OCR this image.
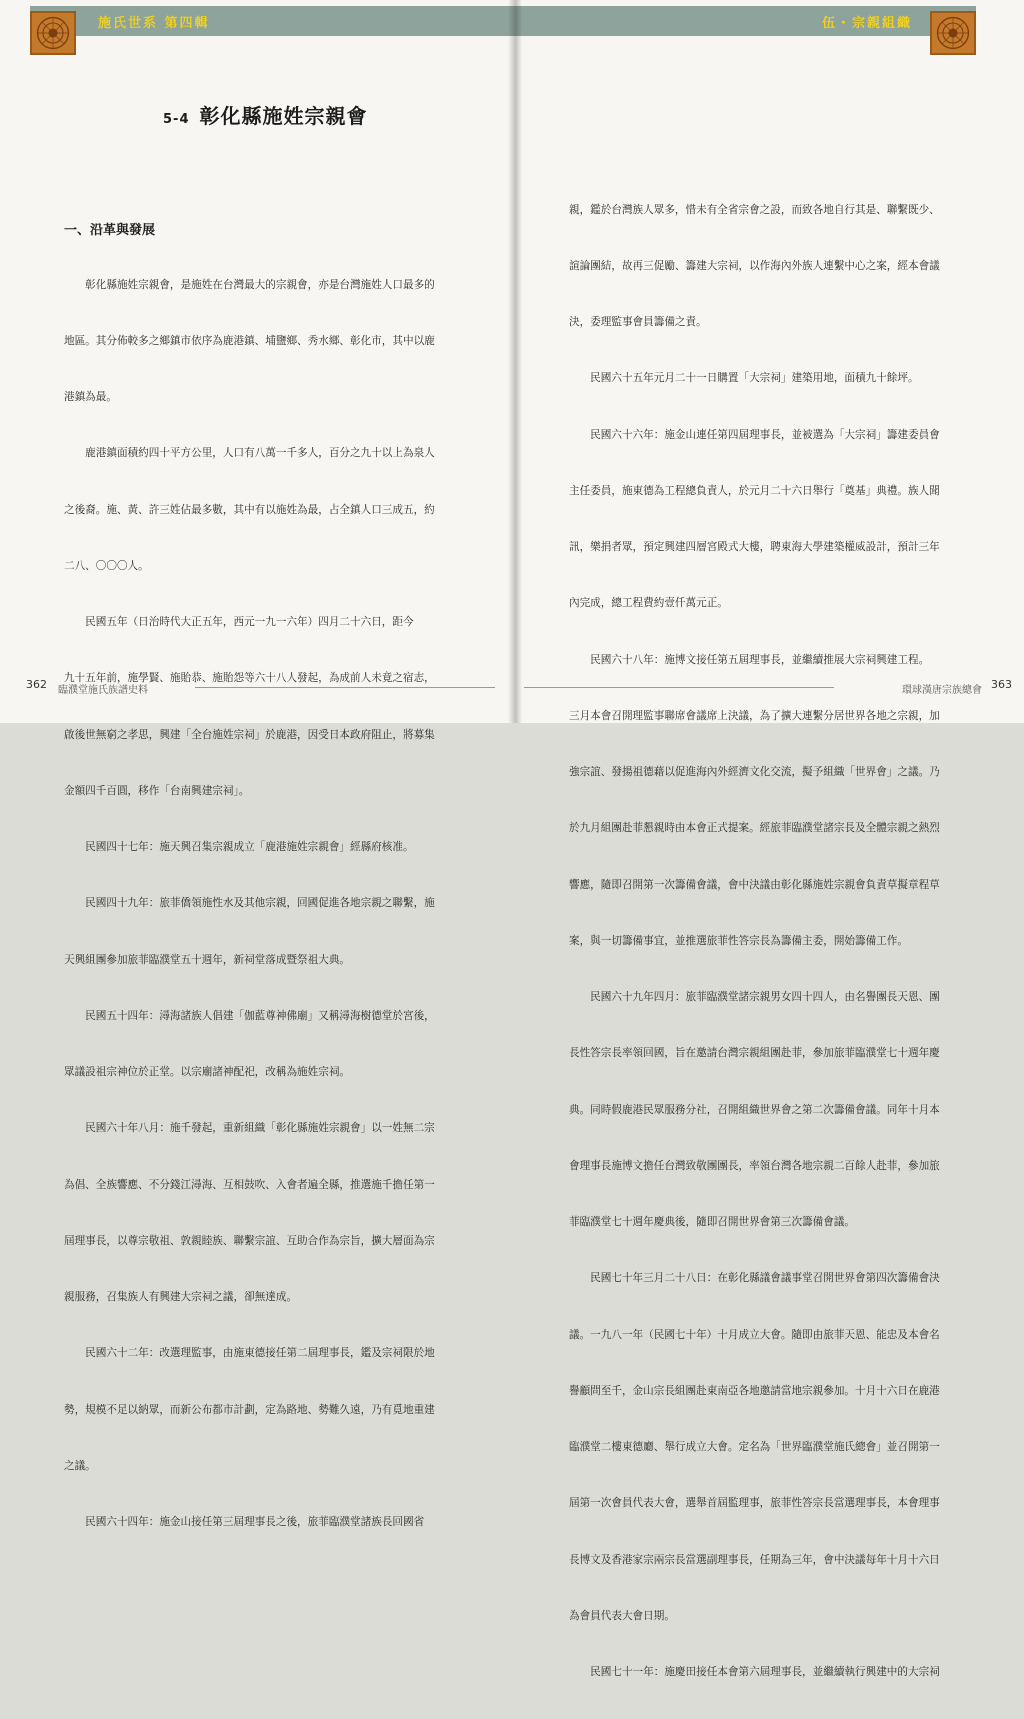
施氏世系 第四輯
5-4 彰化縣施姓宗親會
一、沿革與發展

　　彰化縣施姓宗親會，是施姓在台灣最大的宗親會，亦是台灣施姓人口最多的

地區。其分佈較多之鄉鎮市依序為鹿港鎮、埔鹽鄉、秀水鄉、彰化市，其中以鹿

港鎮為最。

　　鹿港鎮面積約四十平方公里，人口有八萬一千多人，百分之九十以上為泉人

之後裔。施、黃、許三姓佔最多數，其中有以施姓為最，占全鎮人口三成五，約

二八、〇〇〇人。

　　民國五年（日治時代大正五年，西元一九一六年）四月二十六日，距今

九十五年前，施學賢、施貽恭、施貽怨等六十八人發起，為成前人未竟之宿志，

啟後世無窮之孝思，興建「全台施姓宗祠」於鹿港，因受日本政府阻止，將募集

金額四千百圓，移作「台南興建宗祠」。

　　民國四十七年：施天興召集宗親成立「鹿港施姓宗親會」經縣府核准。

　　民國四十九年：旅菲僑領施性水及其他宗親，回國促進各地宗親之聯繫，施

天興組團參加旅菲臨濮堂五十週年，新祠堂落成暨祭祖大典。

　　民國五十四年：潯海諸族人倡建「伽藍尊神佛廟」又稱潯海樹德堂於宮後，

眾議設祖宗神位於正堂。以宗廟諸神配祀，改稱為施姓宗祠。

　　民國六十年八月：施千發起，重新組織「彰化縣施姓宗親會」以一姓無二宗

為倡、全族響應、不分錢江潯海、互相鼓吹、入會者遍全縣，推選施千擔任第一

屆理事長，以尊宗敬祖、敦親睦族、聯繫宗誼、互助合作為宗旨，擴大層面為宗

親服務，召集族人有興建大宗祠之議，卻無達成。

　　民國六十二年：改選理監事，由施東德接任第二屆理事長，鑑及宗祠限於地

勢，規模不足以納眾，而新公布都市計劃，定為路地、勢難久遠，乃有覓地重建

之議。

　　民國六十四年：施金山接任第三屆理事長之後，旅菲臨濮堂諸族長回國省

362 臨濮堂施氏族譜史料
伍・宗親組織

親，鑑於台灣族人眾多，惜未有全省宗會之設，而致各地自行其是、聯繫既少、

諠論團結，故再三促勵、籌建大宗祠，以作海內外族人連繫中心之案，經本會議

決，委理監事會員籌備之責。

　　民國六十五年元月二十一日購置「大宗祠」建築用地，面積九十餘坪。

　　民國六十六年：施金山連任第四屆理事長，並被選為「大宗祠」籌建委員會

主任委員，施東德為工程總負責人，於元月二十六日舉行「奠基」典禮。族人聞

訊，樂捐者眾，預定興建四層宮殿式大樓，聘東海大學建築權威設計，預計三年

內完成，總工程費約壹仟萬元正。

　　民國六十八年：施博文接任第五屆理事長，並繼續推展大宗祠興建工程。

三月本會召開理監事聯席會議席上決議，為了擴大連繫分居世界各地之宗親，加

強宗誼、發揚祖德藉以促進海內外經濟文化交流，擬予組織「世界會」之議。乃

於九月組團赴菲懇親時由本會正式提案。經旅菲臨濮堂諸宗長及全體宗親之熱烈

響應，隨即召開第一次籌備會議，會中決議由彰化縣施姓宗親會負責草擬章程草

案，與一切籌備事宜，並推選旅菲性答宗長為籌備主委，開始籌備工作。

　　民國六十九年四月：旅菲臨濮堂諸宗親男女四十四人，由名譽團長天恩、團

長性答宗長率領回國，旨在邀請台灣宗親組團赴菲，參加旅菲臨濮堂七十週年慶

典。同時假鹿港民眾服務分社，召開組織世界會之第二次籌備會議。同年十月本

會理事長施博文擔任台灣致敬團團長，率領台灣各地宗親二百餘人赴菲，參加旅

菲臨濮堂七十週年慶典後，隨即召開世界會第三次籌備會議。

　　民國七十年三月二十八日：在彰化縣議會議事堂召開世界會第四次籌備會決

議。一九八一年（民國七十年）十月成立大會。隨即由旅菲天恩、能忠及本會名

譽顧問至千，金山宗長組團赴東南亞各地邀請當地宗親參加。十月十六日在鹿港

臨濮堂二樓東德廳、舉行成立大會。定名為「世界臨濮堂施氏總會」並召開第一

屆第一次會員代表大會，選舉首屆監理事，旅菲性答宗長當選理事長，本會理事

長博文及香港家宗兩宗長當選副理事長，任期為三年，會中決議每年十月十六日

為會員代表大會日期。

　　民國七十一年：施慶田接任本會第六屆理事長，並繼續執行興建中的大宗祠

363
環球漢唐宗族總會
